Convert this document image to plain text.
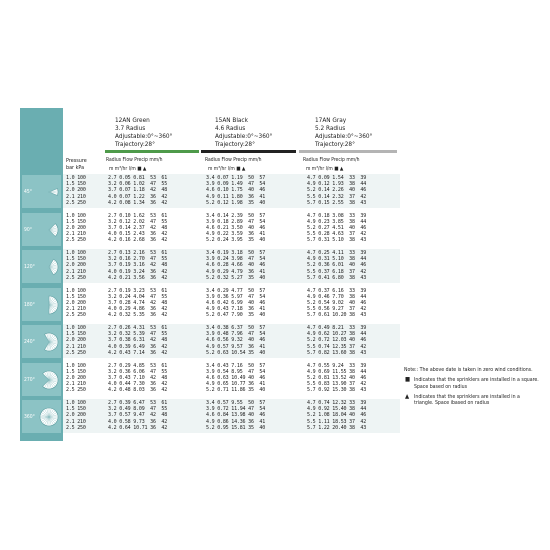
Pressure
bar kPa
12AN Green
3.7 Radius
Adjustable:0°~360°
Trajectory:28°
15AN Black
4.6 Radius
Adjustable:0°~360°
Trajectory:28°
17AN Gray
5.2 Radius
Adjustable:0°~360°
Trajectory:28°
Radius Flow Precip mm/h
m m³/hr l/m ■ ▲
Radius Flow Precip mm/h
m m³/hr l/m ■ ▲
Radius Flow Precip mm/h
m m³/hr l/m ■ ▲
45°
1.0 100
1.5 150
2.0 200
2.1 210
2.5 250
2.7 0.05 0.81  53  61
3.2 0.06 1.02  47  55
3.7 0.07 1.18  42  48
4.0 0.07 1.22  36  42
4.2 0.08 1.34  36  42
3.4 0.07 1.19  50  57
3.9 0.09 1.49  47  54
4.6 0.10 1.75  40  46
4.9 0.11 1.80  36  41
5.2 0.12 1.98  35  40
4.7 0.09 1.54  33  39
4.9 0.12 1.93  38  44
5.2 0.14 2.26  40  46
5.5 0.14 2.32  37  42
5.7 0.15 2.55  38  43
90°
1.0 100
1.5 150
2.0 200
2.1 210
2.5 250
2.7 0.10 1.62  53  61
3.2 0.12 2.02  47  55
3.7 0.14 2.37  42  48
4.0 0.15 2.43  36  42
4.2 0.16 2.68  36  42
3.4 0.14 2.39  50  57
3.9 0.18 2.89  47  54
4.6 0.21 3.50  40  46
4.9 0.22 3.59  36  41
5.2 0.24 3.95  35  40
4.7 0.18 3.08  33  39
4.9 0.23 3.85  38  44
5.2 0.27 4.51  40  46
5.5 0.28 4.63  37  42
5.7 0.31 5.10  38  43
120°
1.0 100
1.5 150
2.0 200
2.1 210
2.5 250
2.7 0.13 2.16  53  61
3.2 0.16 2.70  47  55
3.7 0.19 3.16  42  48
4.0 0.19 3.24  36  42
4.2 0.21 3.56  36  42
3.4 0.19 3.18  50  57
3.9 0.24 3.98  47  54
4.6 0.28 4.66  40  46
4.9 0.29 4.79  36  41
5.2 0.32 5.27  35  40
4.7 0.25 4.11  33  39
4.9 0.31 5.10  38  44
5.2 0.36 6.01  40  46
5.5 0.37 6.18  37  42
5.7 0.41 6.80  38  43
180°
1.0 100
1.5 150
2.0 200
2.1 210
2.5 250
2.7 0.19 3.23  53  61
3.2 0.24 4.04  47  55
3.7 0.28 4.74  42  48
4.0 0.29 4.86  36  42
4.2 0.32 5.35  36  42
3.4 0.29 4.77  50  57
3.9 0.36 5.97  47  54
4.6 0.42 6.99  40  46
4.9 0.43 7.18  36  41
5.2 0.47 7.90  35  40
4.7 0.37 6.16  33  39
4.9 0.46 7.70  38  44
5.2 0.54 9.02  40  46
5.5 0.56 9.27  37  42
5.7 0.61 10.20 38  43
240°
1.0 100
1.5 150
2.0 200
2.1 210
2.5 250
2.7 0.26 4.31  53  61
3.2 0.32 5.39  47  55
3.7 0.38 6.31  42  48
4.0 0.39 6.49  36  42
4.2 0.43 7.14  36  42
3.4 0.38 6.37  50  57
3.9 0.48 7.96  47  54
4.6 0.56 9.32  40  46
4.9 0.57 9.57  36  41
5.2 0.63 10.54 35  40
4.7 0.49 8.21  33  39
4.9 0.62 10.27 38  44
5.2 0.72 12.03 40  46
5.5 0.74 12.35 37  42
5.7 0.82 13.60 38  43
270°
1.0 100
1.5 150
2.0 200
2.1 210
2.5 250
2.7 0.29 4.85  53  61
3.2 0.36 6.06  47  55
3.7 0.43 7.10  42  48
4.0 0.44 7.30  36  42
4.2 0.48 8.03  36  42
3.4 0.43 7.16  50  57
3.9 0.54 8.95  47  54
4.6 0.63 10.49 40  46
4.9 0.65 10.77 36  41
5.2 0.71 11.86 35  40
4.7 0.55 9.24  33  39
4.9 0.69 11.55 38  44
5.2 0.81 13.52 40  46
5.5 0.83 13.90 37  42
5.7 0.92 15.30 38  43
360°
1.0 100
1.5 150
2.0 200
2.1 210
2.5 250
2.7 0.39 6.47  53  61
3.2 0.49 8.09  47  55
3.7 0.57 9.47  42  48
4.0 0.58 9.73  36  42
4.2 0.64 10.71 36  42
3.4 0.57 9.55  50  57
3.9 0.72 11.94 47  54
4.6 0.84 13.98 40  46
4.9 0.86 14.36 36  41
5.2 0.95 15.81 35  40
4.7 0.74 12.32 33  39
4.9 0.92 15.40 38  44
5.2 1.08 18.04 40  46
5.5 1.11 18.53 37  42
5.7 1.22 20.40 38  43
Note:: The above date is taken in zero wind conditions.
■ Indicates that the sprinklers are installed in a square. Space based on radius
▲ Indicates that the sprinklers are installed in a triangle. Space ibased on radius
